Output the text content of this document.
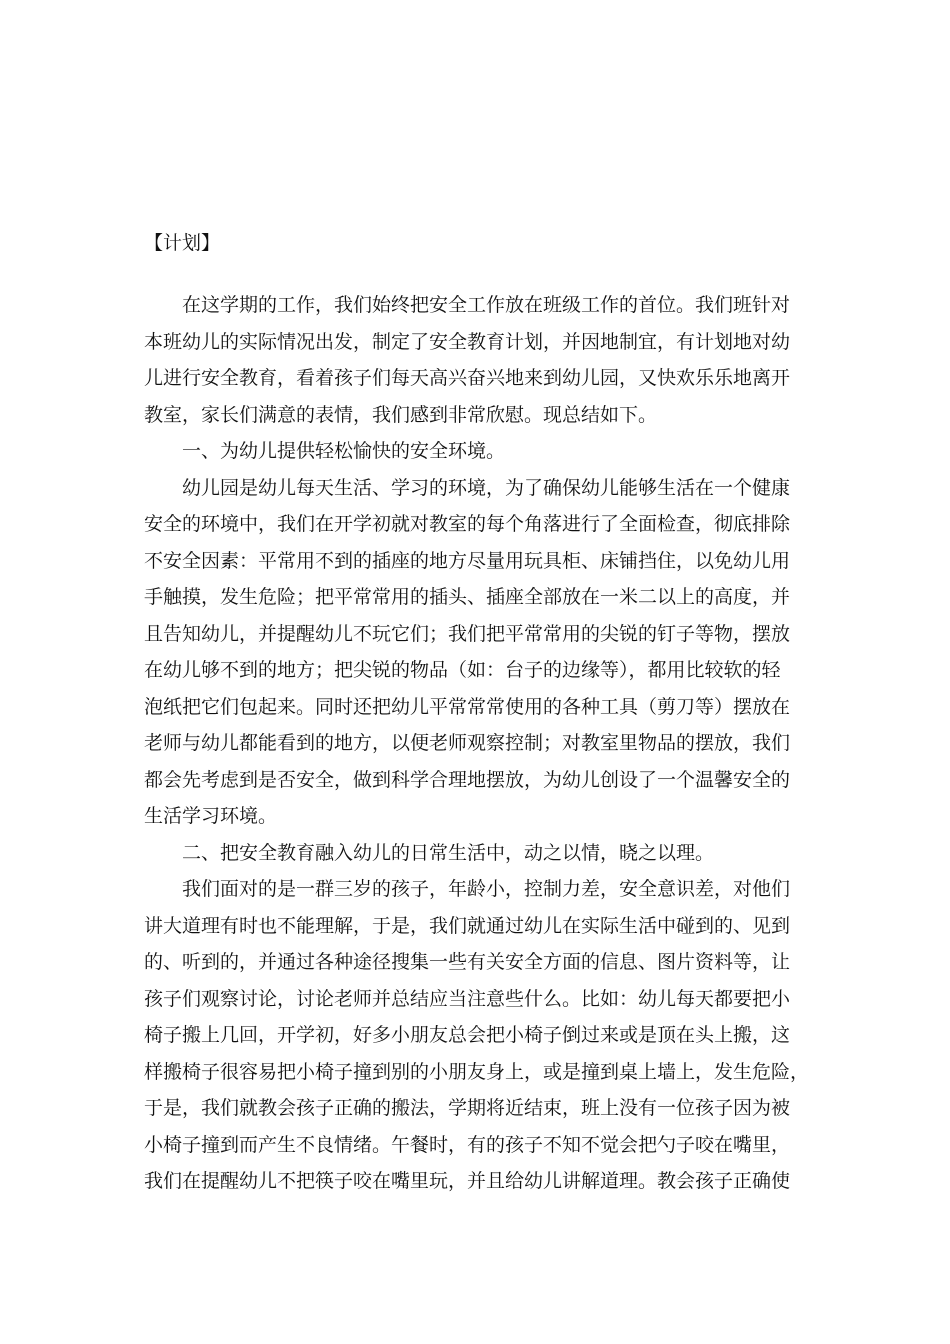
【计划】
在这学期的工作，我们始终把安全工作放在班级工作的首位。我们班针对
本班幼儿的实际情况出发，制定了安全教育计划，并因地制宜，有计划地对幼
儿进行安全教育，看着孩子们每天高兴奋兴地来到幼儿园，又快欢乐乐地离开
教室，家长们满意的表情，我们感到非常欣慰。现总结如下。
一、为幼儿提供轻松愉快的安全环境。
幼儿园是幼儿每天生活、学习的环境，为了确保幼儿能够生活在一个健康
安全的环境中，我们在开学初就对教室的每个角落进行了全面检查，彻底排除
不安全因素：平常用不到的插座的地方尽量用玩具柜、床铺挡住，以免幼儿用
手触摸，发生危险；把平常常用的插头、插座全部放在一米二以上的高度，并
且告知幼儿，并提醒幼儿不玩它们；我们把平常常用的尖锐的钉子等物，摆放
在幼儿够不到的地方；把尖锐的物品（如：台子的边缘等），都用比较软的轻
泡纸把它们包起来。同时还把幼儿平常常常使用的各种工具（剪刀等）摆放在
老师与幼儿都能看到的地方，以便老师观察控制；对教室里物品的摆放，我们
都会先考虑到是否安全，做到科学合理地摆放，为幼儿创设了一个温馨安全的
生活学习环境。
二、把安全教育融入幼儿的日常生活中，动之以情，晓之以理。
我们面对的是一群三岁的孩子，年龄小，控制力差，安全意识差，对他们
讲大道理有时也不能理解，于是，我们就通过幼儿在实际生活中碰到的、见到
的、听到的，并通过各种途径搜集一些有关安全方面的信息、图片资料等，让
孩子们观察讨论，讨论老师并总结应当注意些什么。比如：幼儿每天都要把小
椅子搬上几回，开学初，好多小朋友总会把小椅子倒过来或是顶在头上搬，这
样搬椅子很容易把小椅子撞到别的小朋友身上，或是撞到桌上墙上，发生危险，
于是，我们就教会孩子正确的搬法，学期将近结束，班上没有一位孩子因为被
小椅子撞到而产生不良情绪。午餐时，有的孩子不知不觉会把勺子咬在嘴里，
我们在提醒幼儿不把筷子咬在嘴里玩，并且给幼儿讲解道理。教会孩子正确使
